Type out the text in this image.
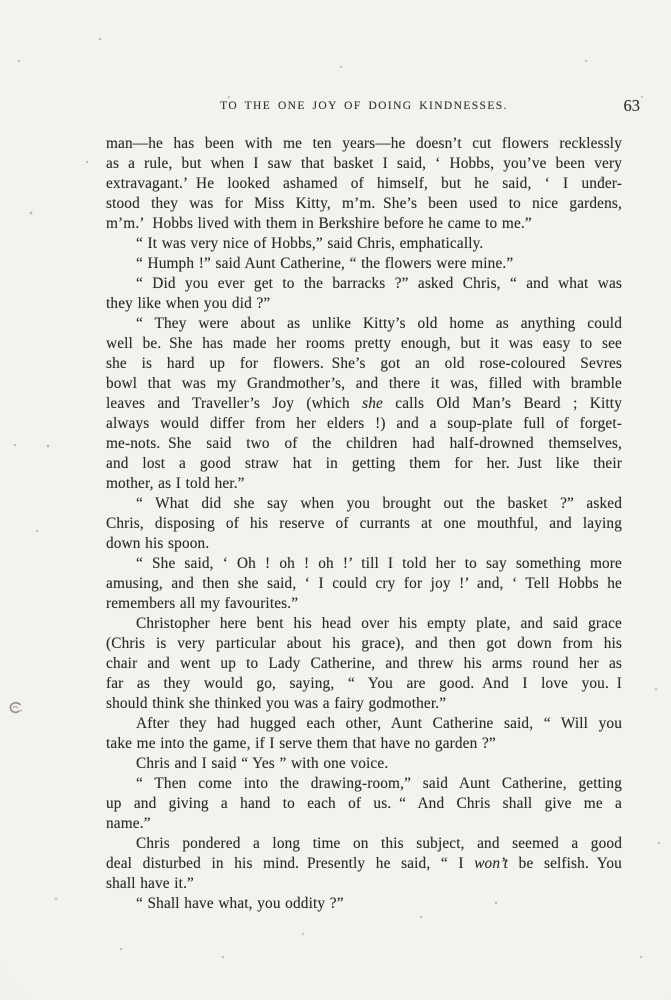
TO THE ONE JOY OF DOING KINDNESSES.	63
man—he has been with me ten years—he doesn’t cut flowers recklessly
as a rule, but when I saw that basket I said, ‘ Hobbs, you’ve been very
extravagant.’ He looked ashamed of himself, but he said, ‘ I under-
stood they was for Miss Kitty, m’m. She’s been used to nice gardens,
m’m.’ Hobbs lived with them in Berkshire before he came to me.”
“ It was very nice of Hobbs,” said Chris, emphatically.
“ Humph !” said Aunt Catherine, “ the flowers were mine.”
“ Did you ever get to the barracks ?” asked Chris, “ and what was
they like when you did ?”
“ They were about as unlike Kitty’s old home as anything could
well be. She has made her rooms pretty enough, but it was easy to see
she is hard up for flowers. She’s got an old rose-coloured Sevres
bowl that was my Grandmother’s, and there it was, filled with bramble
leaves and Traveller’s Joy (which she calls Old Man’s Beard ; Kitty
always would differ from her elders !) and a soup-plate full of forget-
me-nots. She said two of the children had half-drowned themselves,
and lost a good straw hat in getting them for her. Just like their
mother, as I told her.”
“ What did she say when you brought out the basket ?” asked
Chris, disposing of his reserve of currants at one mouthful, and laying
down his spoon.
“ She said, ‘ Oh ! oh ! oh !’ till I told her to say something more
amusing, and then she said, ‘ I could cry for joy !’ and, ‘ Tell Hobbs he
remembers all my favourites.”
Christopher here bent his head over his empty plate, and said grace
(Chris is very particular about his grace), and then got down from his
chair and went up to Lady Catherine, and threw his arms round her as
far as they would go, saying, “ You are good. And I love you. I
should think she thinked you was a fairy godmother.”
After they had hugged each other, Aunt Catherine said, “ Will you
take me into the game, if I serve them that have no garden ?”
Chris and I said “ Yes ” with one voice.
“ Then come into the drawing-room,” said Aunt Catherine, getting
up and giving a hand to each of us. “ And Chris shall give me a
name.”
Chris pondered a long time on this subject, and seemed a good
deal disturbed in his mind. Presently he said, “ I won’t be selfish. You
shall have it.”
“ Shall have what, you oddity ?”
